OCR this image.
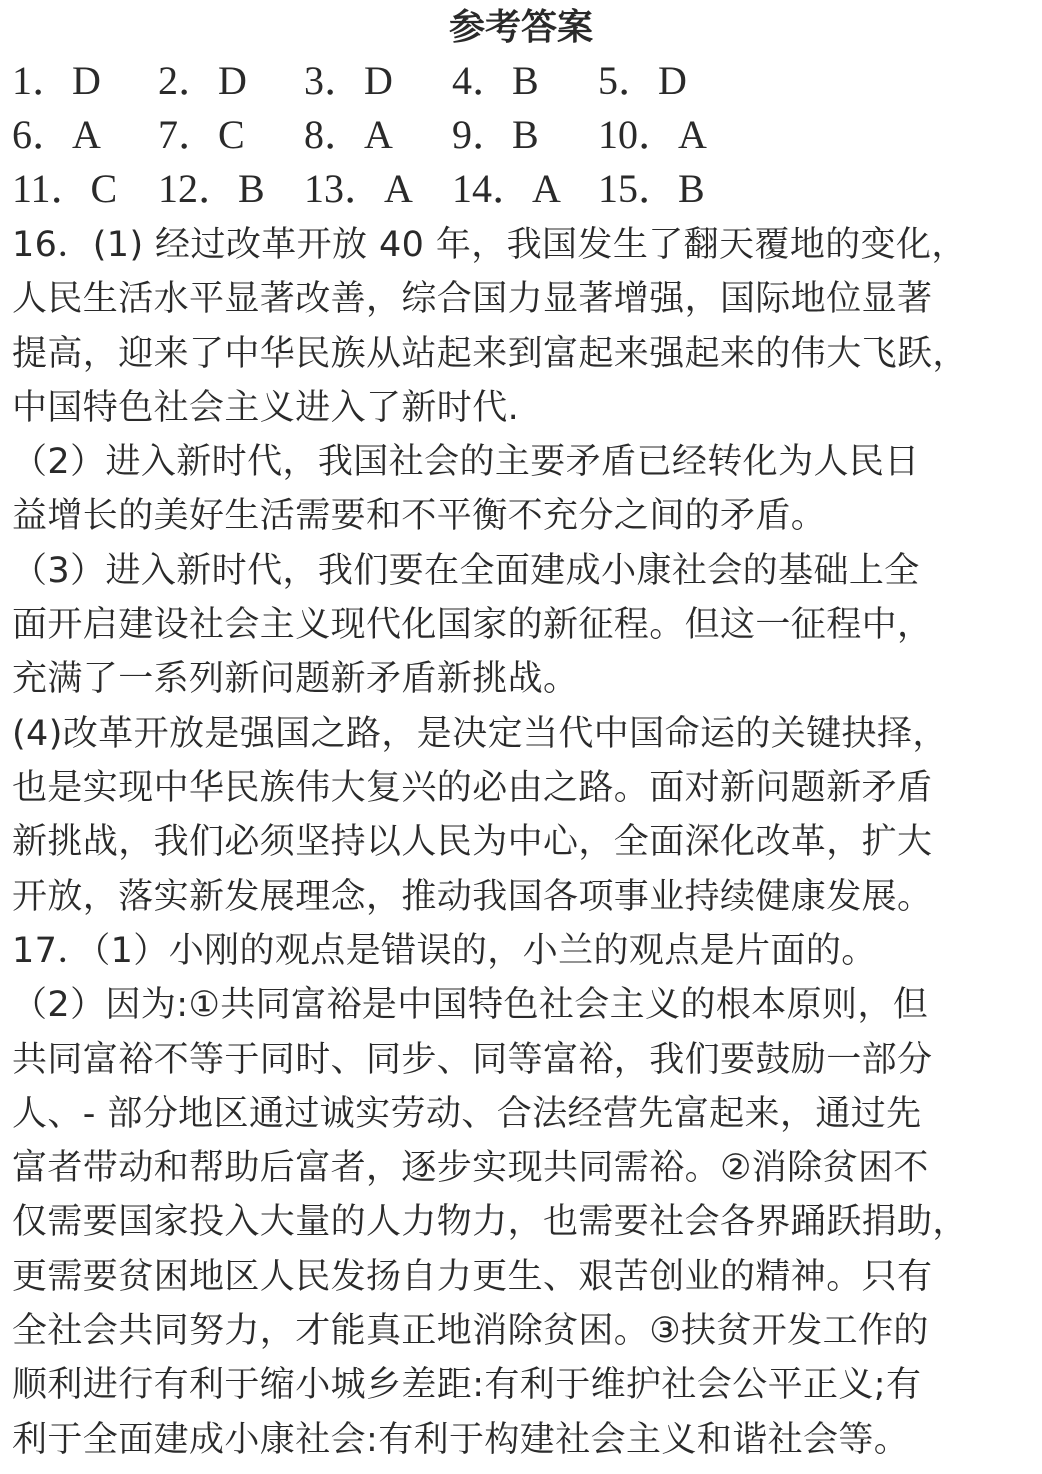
参考答案
1．D 2．D 3．D 4．B 5．D
6．A 7．C 8．A 9．B 10．A
11．C 12．B 13．A 14．A 15．B
16．(1) 经过改革开放 40 年，我国发生了翻天覆地的变化，
人民生活水平显著改善，综合国力显著增强，国际地位显著
提高，迎来了中华民族从站起来到富起来强起来的伟大飞跃，
中国特色社会主义进入了新时代.
（2）进入新时代，我国社会的主要矛盾已经转化为人民日
益增长的美好生活需要和不平衡不充分之间的矛盾。
（3）进入新时代，我们要在全面建成小康社会的基础上全
面开启建设社会主义现代化国家的新征程。但这一征程中，
充满了一系列新问题新矛盾新挑战。
(4)改革开放是强国之路，是决定当代中国命运的关键抉择，
也是实现中华民族伟大复兴的必由之路。面对新问题新矛盾
新挑战，我们必须坚持以人民为中心，全面深化改革，扩大
开放，落实新发展理念，推动我国各项事业持续健康发展。
17．（1）小刚的观点是错误的，小兰的观点是片面的。
（2）因为:①共同富裕是中国特色社会主义的根本原则，但
共同富裕不等于同时、同步、同等富裕，我们要鼓励一部分
人、- 部分地区通过诚实劳动、合法经营先富起来，通过先
富者带动和帮助后富者，逐步实现共同需裕。②消除贫困不
仅需要国家投入大量的人力物力，也需要社会各界踊跃捐助，
更需要贫困地区人民发扬自力更生、艰苦创业的精神。只有
全社会共同努力，才能真正地消除贫困。③扶贫开发工作的
顺利进行有利于缩小城乡差距:有利于维护社会公平正义;有
利于全面建成小康社会:有利于构建社会主义和谐社会等。
